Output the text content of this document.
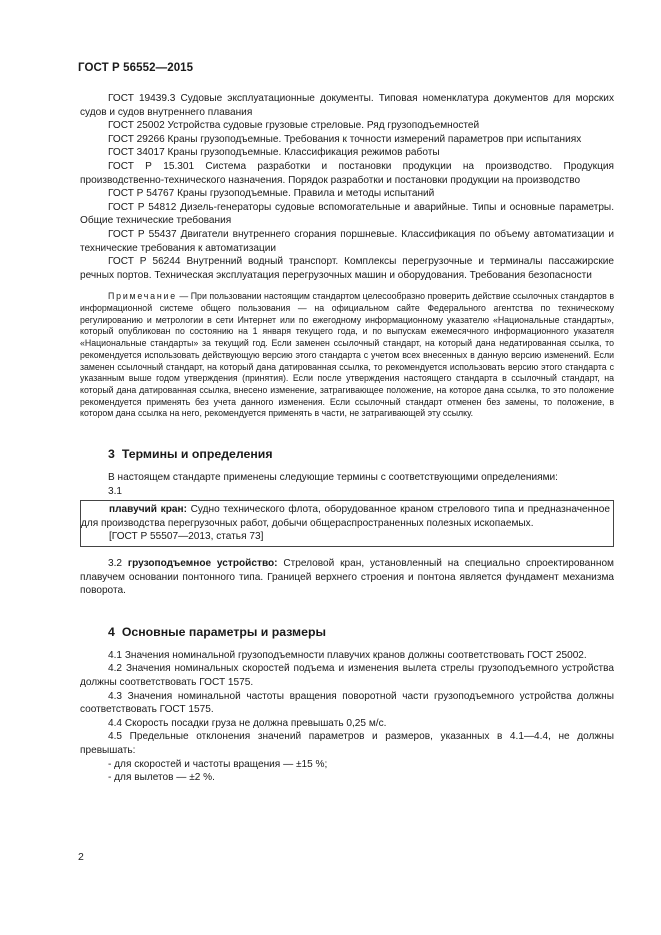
ГОСТ Р 56552—2015

ГОСТ 19439.3 Судовые эксплуатационные документы. Типовая номенклатура документов для морских судов и судов внутреннего плавания

ГОСТ 25002 Устройства судовые грузовые стреловые. Ряд грузоподъемностей

ГОСТ 29266 Краны грузоподъемные. Требования к точности измерений параметров при испытаниях

ГОСТ 34017 Краны грузоподъемные. Классификация режимов работы

ГОСТ Р 15.301 Система разработки и постановки продукции на производство. Продукция производственно-технического назначения. Порядок разработки и постановки продукции на производство

ГОСТ Р 54767 Краны грузоподъемные. Правила и методы испытаний

ГОСТ Р 54812 Дизель-генераторы судовые вспомогательные и аварийные. Типы и основные параметры. Общие технические требования

ГОСТ Р 55437 Двигатели внутреннего сгорания поршневые. Классификация по объему автоматизации и технические требования к автоматизации

ГОСТ Р 56244 Внутренний водный транспорт. Комплексы перегрузочные и терминалы пассажирские речных портов. Техническая эксплуатация перегрузочных машин и оборудования. Требования безопасности

Примечание — При пользовании настоящим стандартом целесообразно проверить действие ссылочных стандартов в информационной системе общего пользования — на официальном сайте Федерального агентства по техническому регулированию и метрологии в сети Интернет или по ежегодному информационному указателю «Национальные стандарты», который опубликован по состоянию на 1 января текущего года, и по выпускам ежемесячного информационного указателя «Национальные стандарты» за текущий год. Если заменен ссылочный стандарт, на который дана недатированная ссылка, то рекомендуется использовать действующую версию этого стандарта с учетом всех внесенных в данную версию изменений. Если заменен ссылочный стандарт, на который дана датированная ссылка, то рекомендуется использовать версию этого стандарта с указанным выше годом утверждения (принятия). Если после утверждения настоящего стандарта в ссылочный стандарт, на который дана датированная ссылка, внесено изменение, затрагивающее положение, на которое дана ссылка, то это положение рекомендуется применять без учета данного изменения. Если ссылочный стандарт отменен без замены, то положение, в котором дана ссылка на него, рекомендуется применять в части, не затрагивающей эту ссылку.

3 Термины и определения

В настоящем стандарте применены следующие термины с соответствующими определениями:

3.1

плавучий кран: Судно технического флота, оборудованное краном стрелового типа и предназначенное для производства перегрузочных работ, добычи общераспространенных полезных ископаемых.

[ГОСТ Р 55507—2013, статья 73]

3.2 грузоподъемное устройство: Стреловой кран, установленный на специально спроектированном плавучем основании понтонного типа. Границей верхнего строения и понтона является фундамент механизма поворота.

4 Основные параметры и размеры

4.1 Значения номинальной грузоподъемности плавучих кранов должны соответствовать ГОСТ 25002.

4.2 Значения номинальных скоростей подъема и изменения вылета стрелы грузоподъемного устройства должны соответствовать ГОСТ 1575.

4.3 Значения номинальной частоты вращения поворотной части грузоподъемного устройства должны соответствовать ГОСТ 1575.

4.4 Скорость посадки груза не должна превышать 0,25 м/с.

4.5 Предельные отклонения значений параметров и размеров, указанных в 4.1—4.4, не должны превышать:

- для скоростей и частоты вращения — ±15 %;

- для вылетов — ±2 %.

2
